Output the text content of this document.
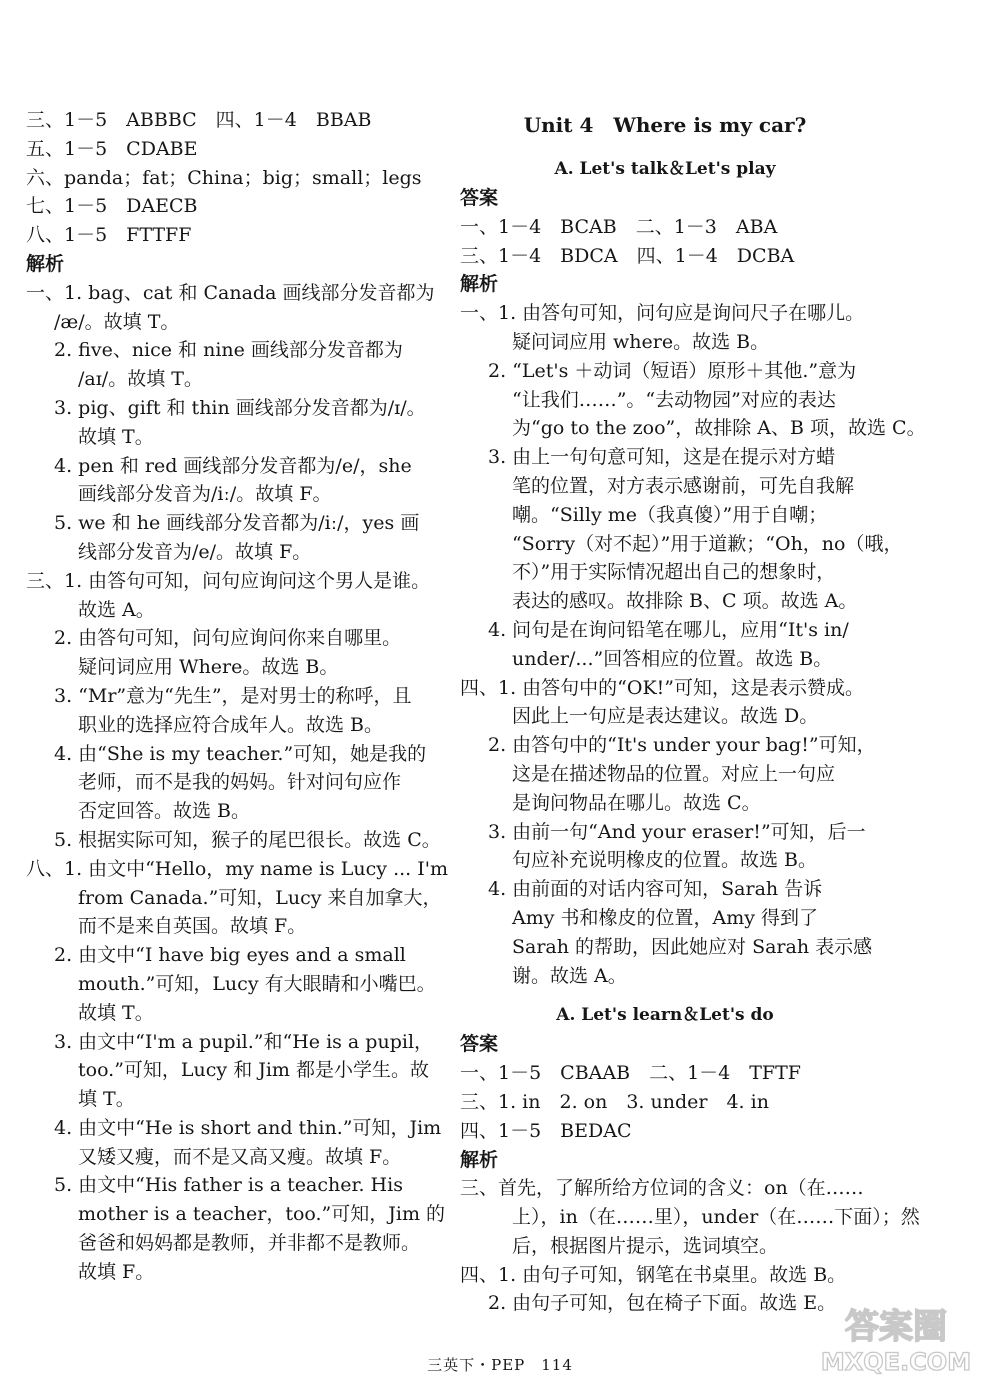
三、1－5　ABBBC　四、1－4　BBAB
五、1－5　CDABE
六、panda；fat；China；big；small；legs
七、1－5　DAECB
八、1－5　FTTFF
解析
一、1. bag、cat 和 Canada 画线部分发音都为
/æ/。故填 T。
2. five、nice 和 nine 画线部分发音都为
/aɪ/。故填 T。
3. pig、gift 和 thin 画线部分发音都为/ɪ/。
故填 T。
4. pen 和 red 画线部分发音都为/e/，she
画线部分发音为/iː/。故填 F。
5. we 和 he 画线部分发音都为/iː/，yes 画
线部分发音为/e/。故填 F。
三、1. 由答句可知，问句应询问这个男人是谁。
故选 A。
2. 由答句可知，问句应询问你来自哪里。
疑问词应用 Where。故选 B。
3. “Mr”意为“先生”，是对男士的称呼，且
职业的选择应符合成年人。故选 B。
4. 由“She is my teacher.”可知，她是我的
老师，而不是我的妈妈。针对问句应作
否定回答。故选 B。
5. 根据实际可知，猴子的尾巴很长。故选 C。
八、1. 由文中“Hello，my name is Lucy ... I'm
from Canada.”可知，Lucy 来自加拿大，
而不是来自英国。故填 F。
2. 由文中“I have big eyes and a small
mouth.”可知，Lucy 有大眼睛和小嘴巴。
故填 T。
3. 由文中“I'm a pupil.”和“He is a pupil，
too.”可知，Lucy 和 Jim 都是小学生。故
填 T。
4. 由文中“He is short and thin.”可知，Jim
又矮又瘦，而不是又高又瘦。故填 F。
5. 由文中“His father is a teacher. His
mother is a teacher，too.”可知，Jim 的
爸爸和妈妈都是教师，并非都不是教师。
故填 F。
Unit 4　Where is my car?
A. Let's talk＆Let's play
答案
一、1－4　BCAB　二、1－3　ABA
三、1－4　BDCA　四、1－4　DCBA
解析
一、1. 由答句可知，问句应是询问尺子在哪儿。
疑问词应用 where。故选 B。
2. “Let's ＋动词（短语）原形＋其他.”意为
“让我们……”。“去动物园”对应的表达
为“go to the zoo”，故排除 A、B 项，故选 C。
3. 由上一句句意可知，这是在提示对方蜡
笔的位置，对方表示感谢前，可先自我解
嘲。“Silly me（我真傻）”用于自嘲；
“Sorry（对不起）”用于道歉；“Oh，no（哦，
不）”用于实际情况超出自己的想象时，
表达的感叹。故排除 B、C 项。故选 A。
4. 问句是在询问铅笔在哪儿，应用“It's in/
under/...”回答相应的位置。故选 B。
四、1. 由答句中的“OK!”可知，这是表示赞成。
因此上一句应是表达建议。故选 D。
2. 由答句中的“It's under your bag!”可知，
这是在描述物品的位置。对应上一句应
是询问物品在哪儿。故选 C。
3. 由前一句“And your eraser!”可知，后一
句应补充说明橡皮的位置。故选 B。
4. 由前面的对话内容可知，Sarah 告诉
Amy 书和橡皮的位置，Amy 得到了
Sarah 的帮助，因此她应对 Sarah 表示感
谢。故选 A。
A. Let's learn＆Let's do
答案
一、1－5　CBAAB　二、1－4　TFTF
三、1. in　2. on　3. under　4. in
四、1－5　BEDAC
解析
三、首先，了解所给方位词的含义：on（在……
上），in（在……里），under（在……下面）；然
后，根据图片提示，选词填空。
四、1. 由句子可知，钢笔在书桌里。故选 B。
2. 由句子可知，包在椅子下面。故选 E。
三英下・PEP　114
答案圈
MXQE.COM
